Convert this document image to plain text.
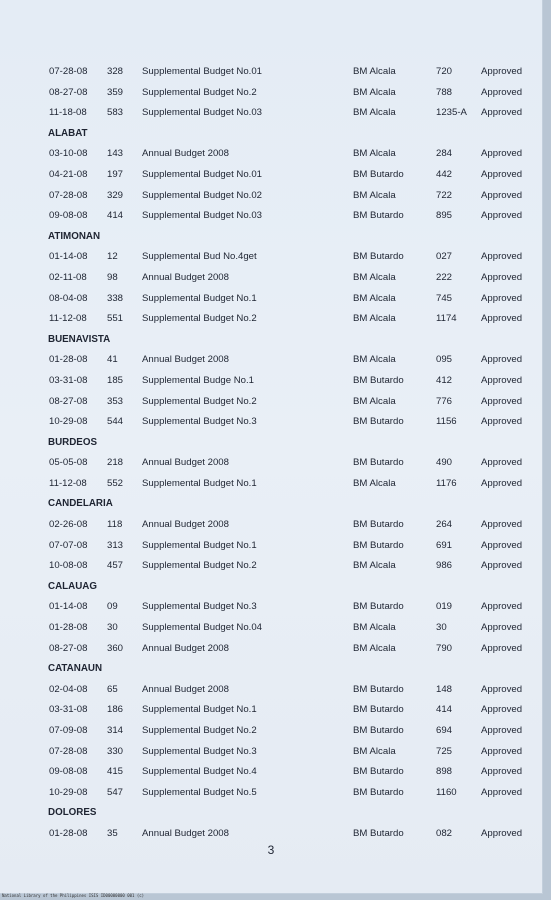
07-28-08 328 Supplemental Budget No.01	BM Alcala	720	Approved
08-27-08 359 Supplemental Budget No.2	BM Alcala	788	Approved
11-18-08 583 Supplemental Budget No.03	BM Alcala	1235-A Approved
ALABAT
03-10-08 143 Annual Budget 2008	BM Alcala	284	Approved
04-21-08 197 Supplemental Budget No.01	BM Butardo	442	Approved
07-28-08 329 Supplemental Budget No.02	BM Alcala	722	Approved
09-08-08 414 Supplemental Budget No.03	BM Butardo	895	Approved
ATIMONAN
01-14-08 12	Supplemental Bud No.4get	BM Butardo	027	Approved
02-11-08 98	Annual Budget 2008	BM Alcala	222	Approved
08-04-08 338 Supplemental Budget No.1	BM Alcala	745	Approved
11-12-08 551 Supplemental Budget No.2	BM Alcala	1174	Approved
BUENAVISTA
01-28-08 41	Annual Budget 2008	BM Alcala	095	Approved
03-31-08 185 Supplemental Budge No.1	BM Butardo	412	Approved
08-27-08 353 Supplemental Budget No.2	BM Alcala	776	Approved
10-29-08 544 Supplemental Budget No.3	BM Butardo	1156	Approved
BURDEOS
05-05-08 218 Annual Budget 2008	BM Butardo	490	Approved
11-12-08 552 Supplemental Budget No.1	BM Alcala	1176	Approved
CANDELARIA
02-26-08 118 Annual Budget 2008	BM Butardo	264	Approved
07-07-08 313 Supplemental Budget No.1	BM Butardo	691	Approved
10-08-08 457 Supplemental Budget No.2	BM Alcala	986	Approved
CALAUAG
01-14-08 09	Supplemental Budget No.3	BM Butardo	019	Approved
01-28-08 30	Supplemental Budget No.04	BM Alcala	30	Approved
08-27-08 360 Annual Budget 2008	BM Alcala	790	Approved
CATANAUN
02-04-08 65	Annual Budget 2008	BM Butardo	148	Approved
03-31-08 186 Supplemental Budget No.1	BM Butardo	414	Approved
07-09-08 314 Supplemental Budget No.2	BM Butardo	694	Approved
07-28-08 330 Supplemental Budget No.3	BM Alcala	725	Approved
09-08-08 415 Supplemental Budget No.4	BM Butardo	898	Approved
10-29-08 547 Supplemental Budget No.5	BM Butardo	1160	Approved
DOLORES
01-28-08 35	Annual Budget 2008	BM Butardo	082	Approved
3
National Library of the Philippines ISIS ID00000000 001 (c)
